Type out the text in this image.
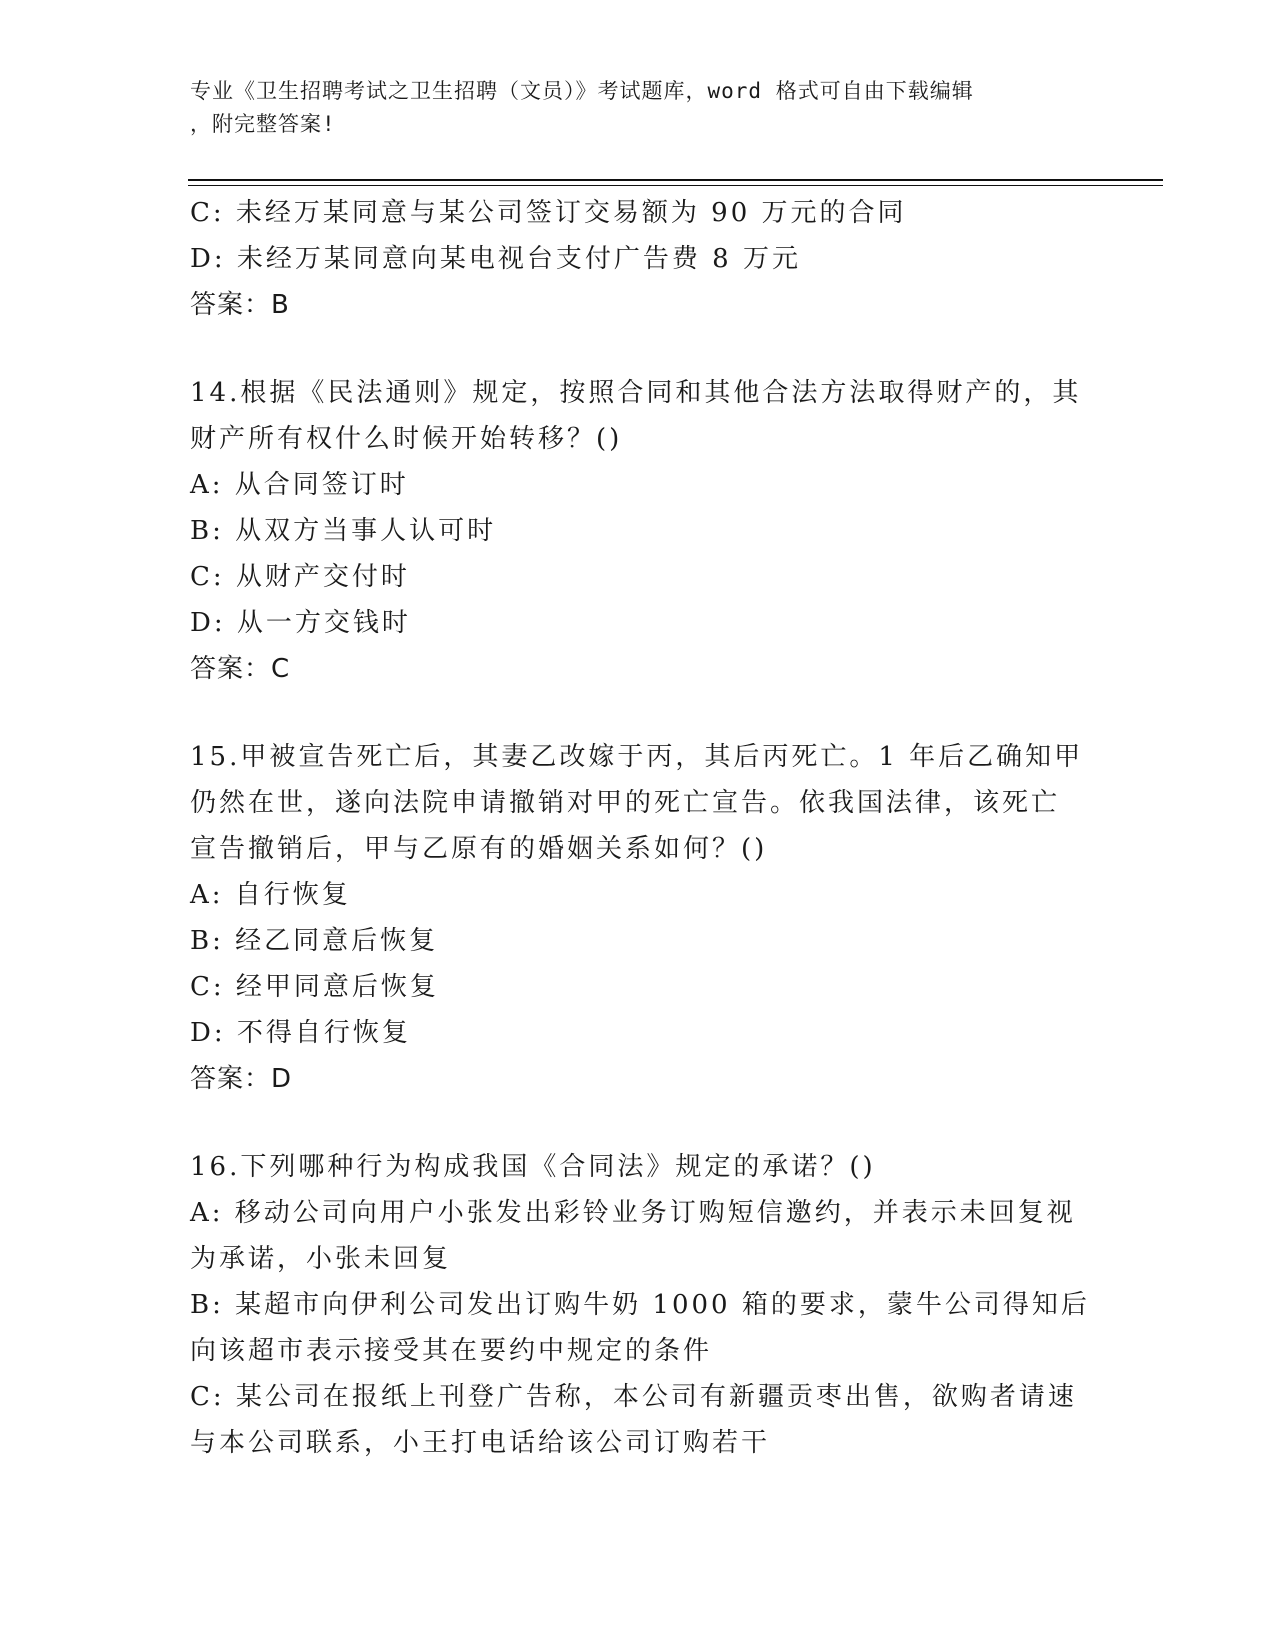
专业《卫生招聘考试之卫生招聘（文员）》考试题库，word 格式可自由下载编辑
，附完整答案!

C: 未经万某同意与某公司签订交易额为 90 万元的合同

D: 未经万某同意向某电视台支付广告费 8 万元

答案：B

14.根据《民法通则》规定，按照合同和其他合法方法取得财产的，其

财产所有权什么时候开始转移？()

A: 从合同签订时

B: 从双方当事人认可时

C: 从财产交付时

D: 从一方交钱时

答案：C

15.甲被宣告死亡后，其妻乙改嫁于丙，其后丙死亡。1 年后乙确知甲

仍然在世，遂向法院申请撤销对甲的死亡宣告。依我国法律，该死亡

宣告撤销后，甲与乙原有的婚姻关系如何？()

A: 自行恢复

B: 经乙同意后恢复

C: 经甲同意后恢复

D: 不得自行恢复

答案：D

16.下列哪种行为构成我国《合同法》规定的承诺？()

A: 移动公司向用户小张发出彩铃业务订购短信邀约，并表示未回复视

为承诺，小张未回复

B: 某超市向伊利公司发出订购牛奶 1000 箱的要求，蒙牛公司得知后

向该超市表示接受其在要约中规定的条件

C: 某公司在报纸上刊登广告称，本公司有新疆贡枣出售，欲购者请速

与本公司联系，小王打电话给该公司订购若干
